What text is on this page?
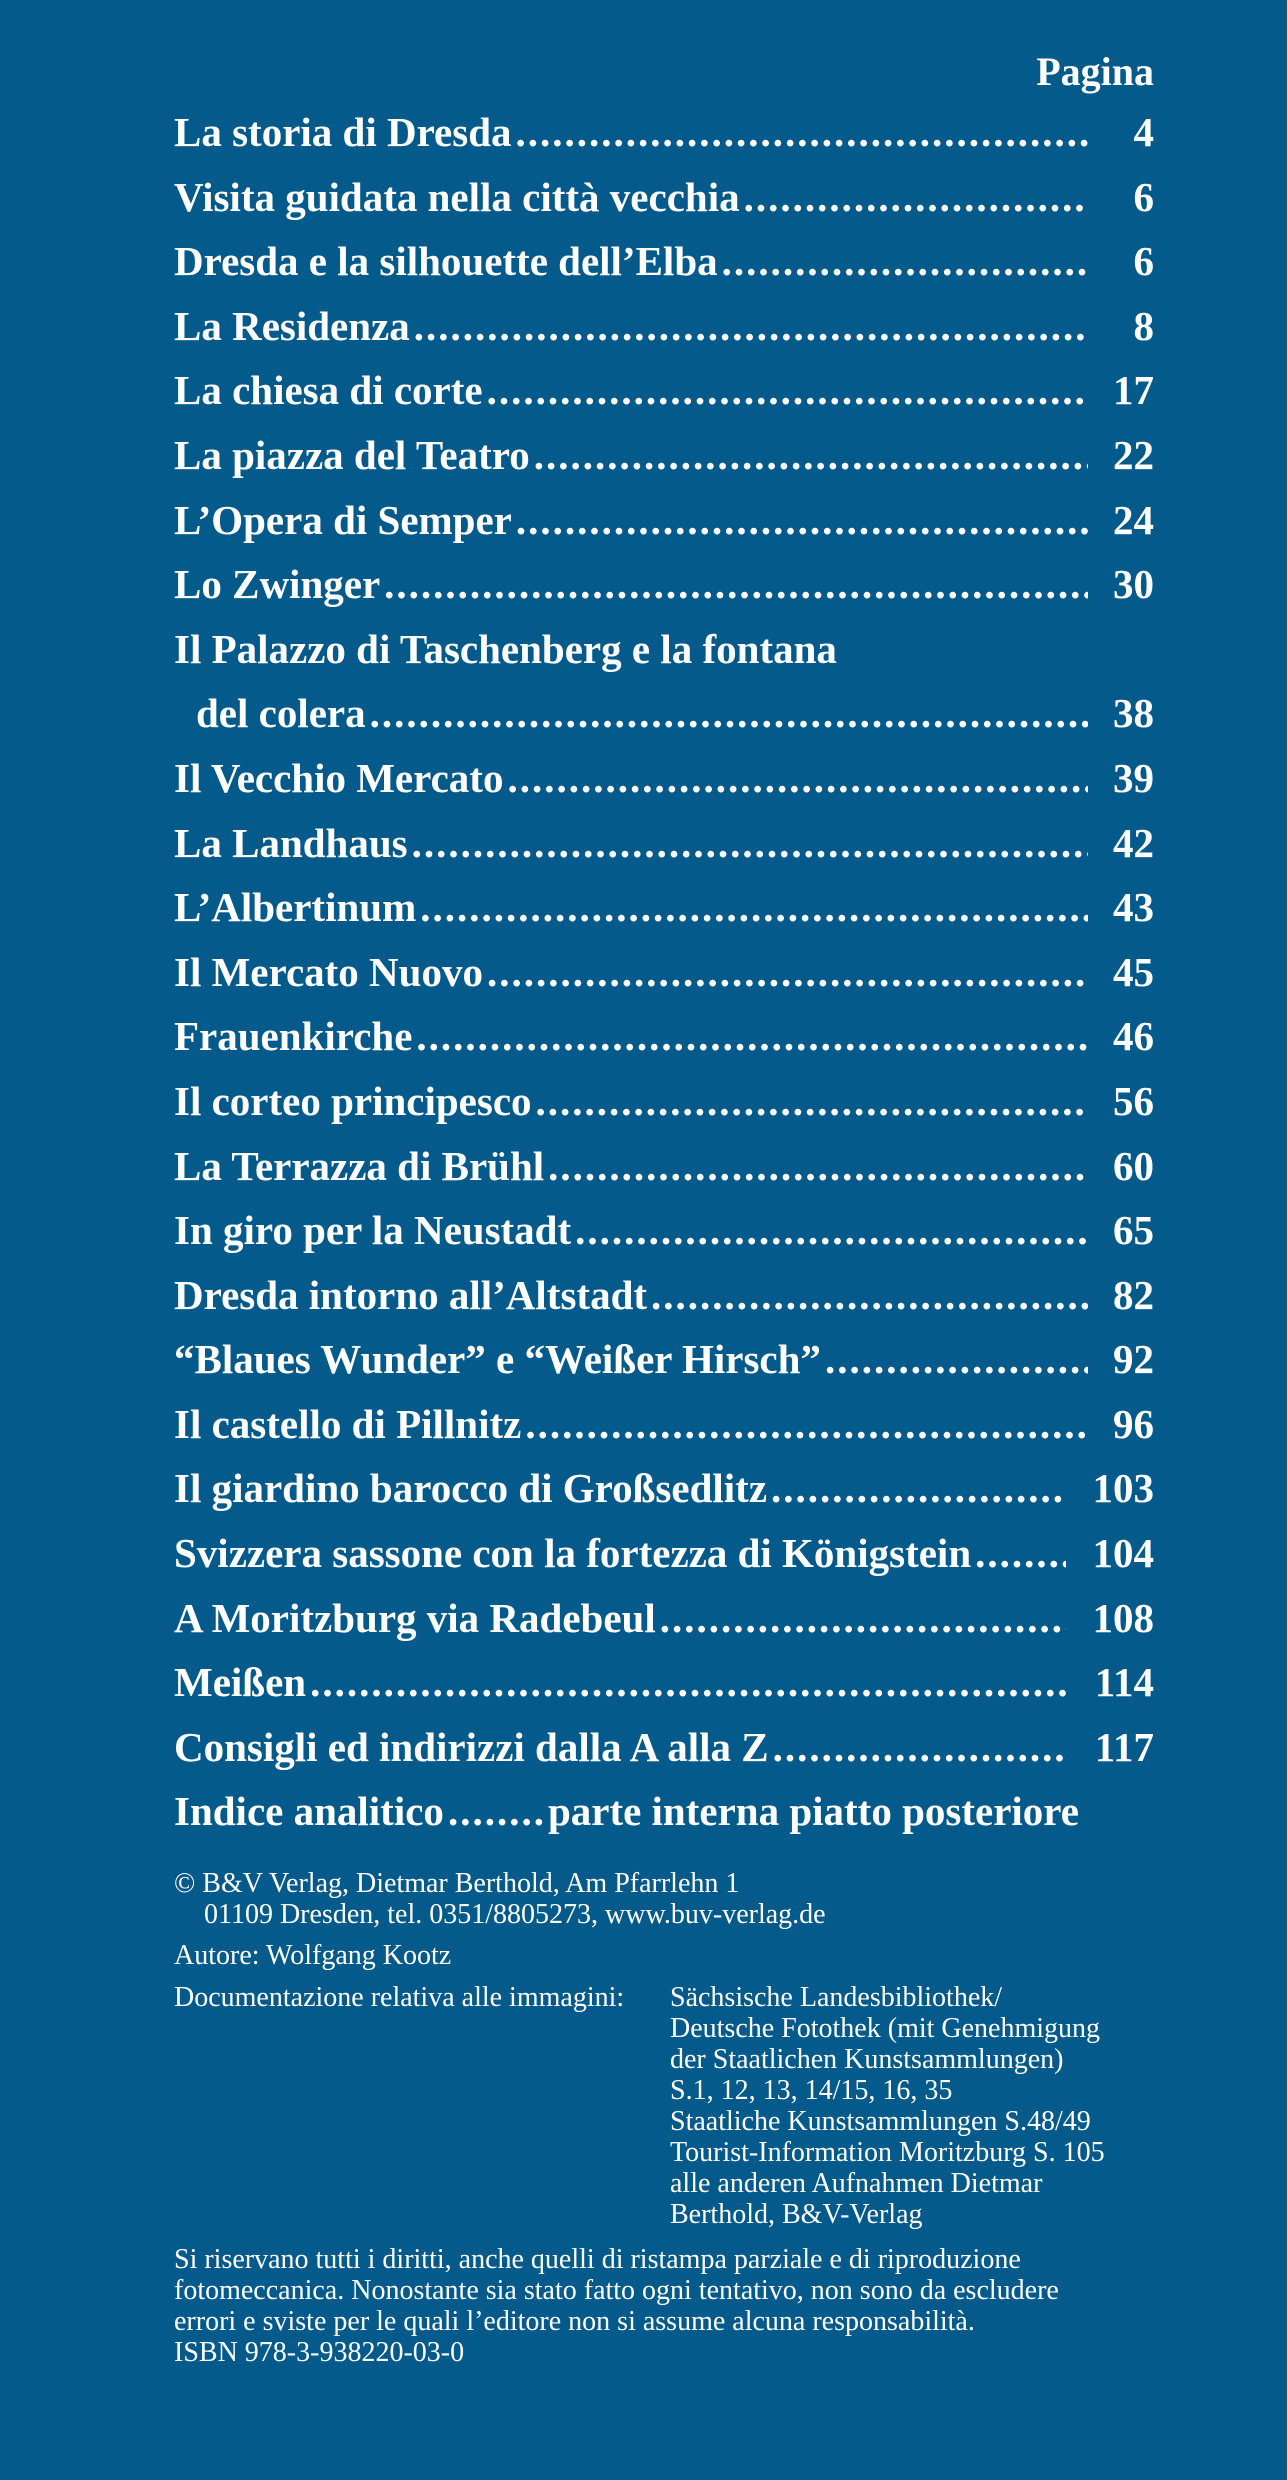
Pagina
La storia di Dresda .....	4
Visita guidata nella città vecchia .....	6
Dresda e la silhouette dell’Elba .....	6
La Residenza .....	8
La chiesa di corte .....	17
La piazza del Teatro .....	22
L’Opera di Semper .....	24
Lo Zwinger .....	30
Il Palazzo di Taschenberg e la fontana
del colera .....	38
Il Vecchio Mercato .....	39
La Landhaus .....	42
L’Albertinum .....	43
Il Mercato Nuovo .....	45
Frauenkirche .....	46
Il corteo principesco .....	56
La Terrazza di Brühl .....	60
In giro per la Neustadt .....	65
Dresda intorno all’Altstadt .....	82
“Blaues Wunder” e “Weißer Hirsch” .....	92
Il castello di Pillnitz .....	96
Il giardino barocco di Großsedlitz .....	103
Svizzera sassone con la fortezza di Königstein .....	104
A Moritzburg via Radebeul .....	108
Meißen .....	114
Consigli ed indirizzi dalla A alla Z .....	117
Indice analitico .....	parte interna piatto posteriore

© B&V Verlag, Dietmar Berthold, Am Pfarrlehn 1

01109 Dresden, tel. 0351/8805273, www.buv-verlag.de

Autore: Wolfgang Kootz

Documentazione relativa alle immagini:	Sächsische Landesbibliothek/

Deutsche Fotothek (mit Genehmigung

der Staatlichen Kunstsammlungen)

S.1, 12, 13, 14/15, 16, 35

Staatliche Kunstsammlungen S.48/49

Tourist-Information Moritzburg S. 105

alle anderen Aufnahmen Dietmar

Berthold, B&V-Verlag

Si riservano tutti i diritti, anche quelli di ristampa parziale e di riproduzione

fotomeccanica. Nonostante sia stato fatto ogni tentativo, non sono da escludere

errori e sviste per le quali l’editore non si assume alcuna responsabilità.

ISBN 978-3-938220-03-0
